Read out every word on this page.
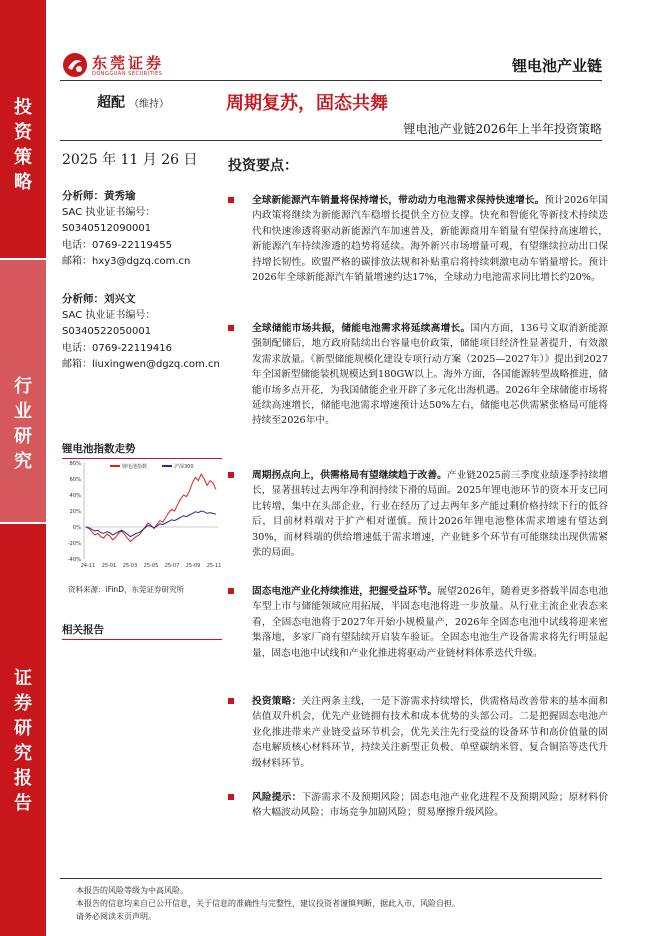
投
资
策
略
行
业
研
究
证
券
研
究
报
告
东莞证券
DONGGUAN SECURITIES	锂电池产业链
超配 （维持）	周期复苏，固态共舞
锂电池产业链2026年上半年投资策略
2025 年 11 月 26 日
分析师：黄秀瑜
SAC 执业证书编号：
S0340512090001
电话：0769-22119455
邮箱：hxy3@dgzq.com.cn
分析师：刘兴文
SAC 执业证书编号：
S0340522050001
电话：0769-22119416
邮箱：liuxingwen@dgzq.com.cn
锂电池指数走势
80%
60%
40%
20%
0%
-20%
-40%
24-11 25-01 25-03 25-05 25-07 25-09 25-11
锂电池指数	沪深300
资料来源：iFinD，东莞证券研究所
相关报告
投资要点：

全球新能源汽车销量将保持增长，带动动力电池需求保持快速增长。预计2026年国内政策将继续为新能源汽车稳增长提供全方位支撑。快充和智能化等新技术持续迭代和快速渗透将驱动新能源汽车加速普及，新能源商用车销量有望保持高速增长，新能源汽车持续渗透的趋势将延续。海外新兴市场增量可观，有望继续拉动出口保持增长韧性。欧盟严格的碳排放法规和补贴重启将持续刺激电动车销量增长。预计2026年全球新能源汽车销量增速约达17%，全球动力电池需求同比增长约20%。

全球储能市场共振，储能电池需求将延续高增长。国内方面，136号文取消新能源强制配储后，地方政府陆续出台容量电价政策，储能项目经济性显著提升，有效激发需求放量。《新型储能规模化建设专项行动方案（2025—2027年）》提出到2027年全国新型储能装机规模达到180GW以上。海外方面，各国能源转型战略推进，储能市场多点开花，为我国储能企业开辟了多元化出海机遇。2026年全球储能市场将延续高速增长，储能电池需求增速预计达50%左右，储能电芯供需紧张格局可能将持续至2026年中。

周期拐点向上，供需格局有望继续趋于改善。产业链2025前三季度业绩逐季持续增长，显著扭转过去两年净利润持续下滑的局面。2025年锂电池环节的资本开支已同比转增，集中在头部企业，行业在经历了过去两年多产能过剩价格持续下行的低谷后，目前材料端对于扩产相对谨慎。预计2026年锂电池整体需求增速有望达到30%，而材料端的供给增速低于需求增速，产业链多个环节有可能继续出现供需紧张的局面。

固态电池产业化持续推进，把握受益环节。展望2026年，随着更多搭载半固态电池车型上市与储能领域应用拓展，半固态电池将进一步放量。从行业主流企业表态来看，全固态电池将于2027年开始小规模量产，2026年全固态电池中试线将迎来密集落地，多家厂商有望陆续开启装车验证。全固态电池生产设备需求将先行明显起量，固态电池中试线和产业化推进将驱动产业链材料体系迭代升级。

投资策略：关注两条主线，一是下游需求持续增长，供需格局改善带来的基本面和估值双升机会，优先产业链拥有技术和成本优势的头部公司。二是把握固态电池产业化推进带来产业链受益环节机会，优先关注先行受益的设备环节和高价值量的固态电解质核心材料环节，持续关注新型正负极、单壁碳纳米管、复合铜箔等迭代升级材料环节。

风险提示：下游需求不及预期风险；固态电池产业化进程不及预期风险；原材料价格大幅波动风险；市场竞争加剧风险；贸易摩擦升级风险。

本报告的风险等级为中高风险。
本报告的信息均来自已公开信息，关于信息的准确性与完整性，建议投资者谨慎判断，据此入市，风险自担。
请务必阅读末页声明。
